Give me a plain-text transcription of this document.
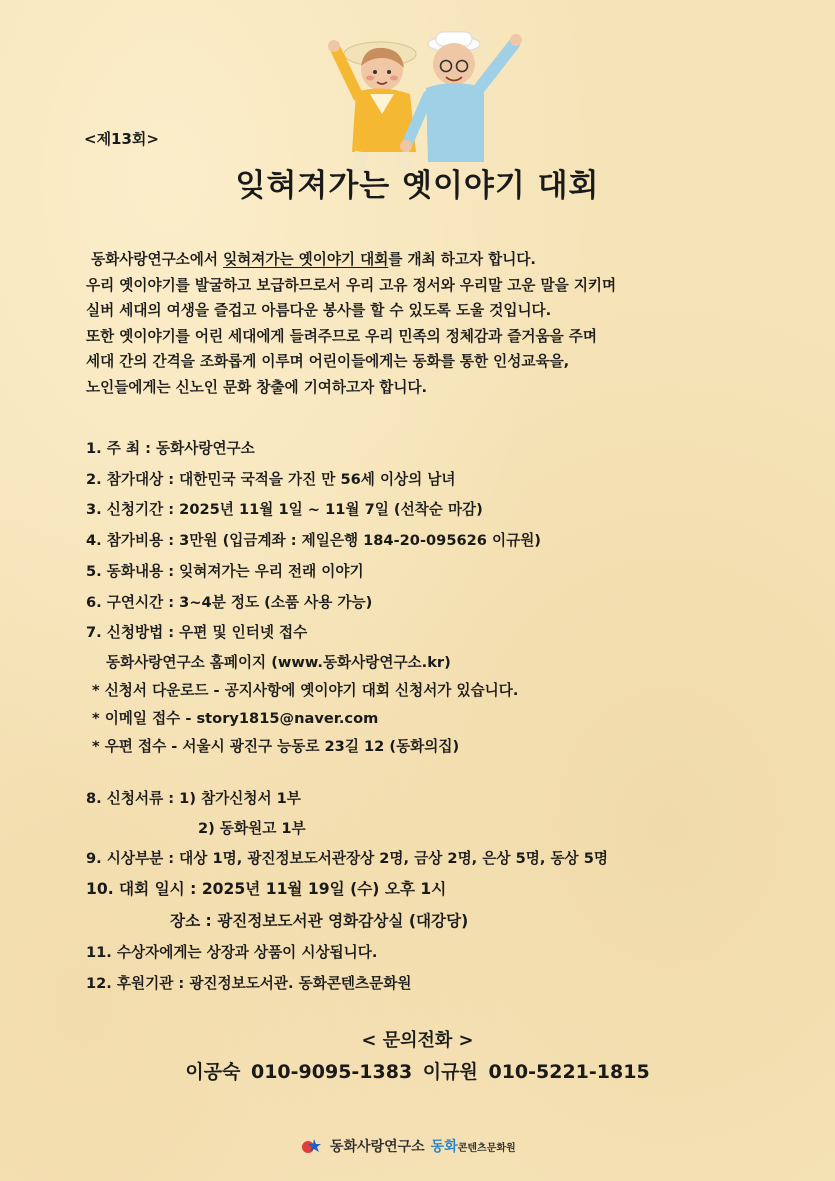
<제13회>
잊혀져가는 옛이야기 대회

동화사랑연구소에서 잊혀져가는 옛이야기 대회를 개최 하고자 합니다.

우리 옛이야기를 발굴하고 보급하므로서 우리 고유 정서와 우리말 고운 말을 지키며

실버 세대의 여생을 즐겁고 아름다운 봉사를 할 수 있도록 도울 것입니다.

또한 옛이야기를 어린 세대에게 들려주므로 우리 민족의 정체감과 즐거움을 주며

세대 간의 간격을 조화롭게 이루며 어린이들에게는 동화를 통한 인성교육을,

노인들에게는 신노인 문화 창출에 기여하고자 합니다.

1. 주 최 : 동화사랑연구소
2. 참가대상 : 대한민국 국적을 가진 만 56세 이상의 남녀
3. 신청기간 : 2025년 11월 1일 ~ 11월 7일 (선착순 마감)
4. 참가비용 : 3만원 (입금계좌 : 제일은행 184-20-095626 이규원)
5. 동화내용 : 잊혀져가는 우리 전래 이야기
6. 구연시간 : 3~4분 정도 (소품 사용 가능)
7. 신청방법 : 우편 및 인터넷 접수
동화사랑연구소 홈페이지 (www.동화사랑연구소.kr)
* 신청서 다운로드 - 공지사항에 옛이야기 대회 신청서가 있습니다.
* 이메일 접수 - story1815@naver.com
* 우편 접수 - 서울시 광진구 능동로 23길 12 (동화의집)
8. 신청서류 : 1) 참가신청서 1부
2) 동화원고 1부
9. 시상부분 : 대상 1명, 광진정보도서관장상 2명, 금상 2명, 은상 5명, 동상 5명
10. 대회 일시 : 2025년 11월 19일 (수) 오후 1시
장소 : 광진정보도서관 영화감상실 (대강당)
11. 수상자에게는 상장과 상품이 시상됩니다.
12. 후원기관 : 광진정보도서관. 동화콘텐츠문화원
< 문의전화 >
이공숙 010-9095-1383 이규원 010-5221-1815
동화사랑연구소 동화콘텐츠문화원
